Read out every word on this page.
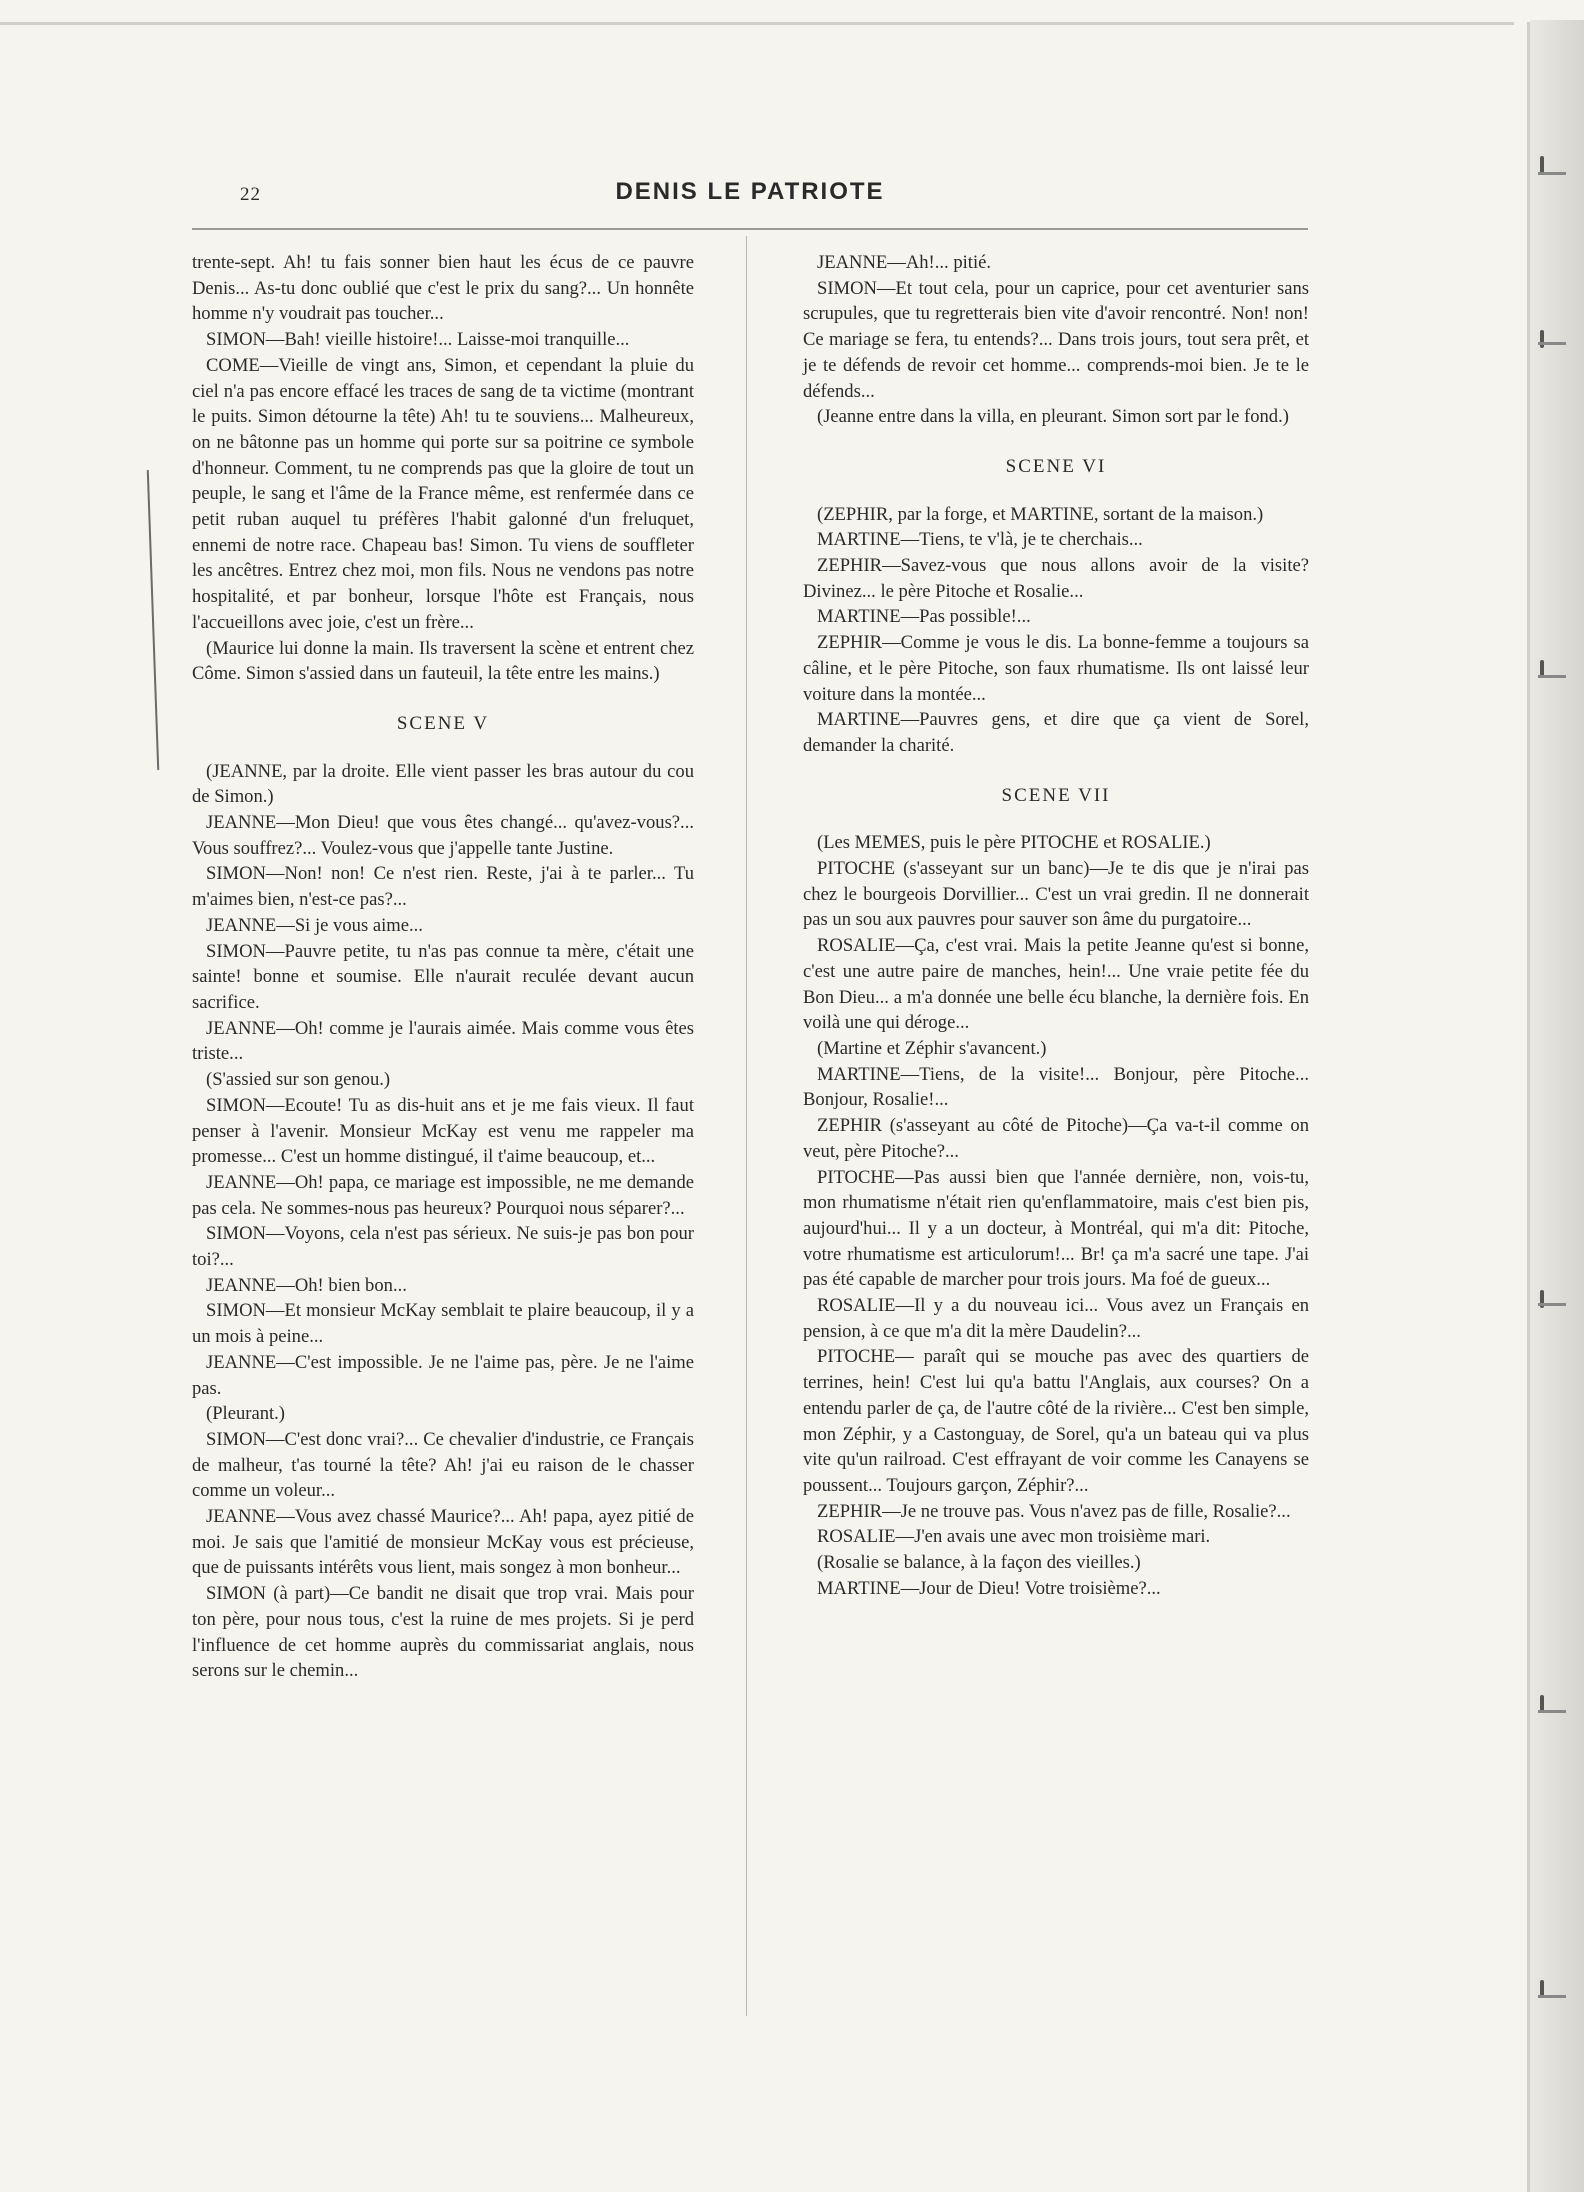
22	DENIS LE PATRIOTE

trente-sept. Ah! tu fais sonner bien haut les écus de ce pauvre Denis... As-tu donc oublié que c'est le prix du sang?... Un honnête homme n'y voudrait pas toucher...

SIMON—Bah! vieille histoire!... Laisse-moi tranquille...

COME—Vieille de vingt ans, Simon, et cependant la pluie du ciel n'a pas encore effacé les traces de sang de ta victime (montrant le puits. Simon détourne la tête) Ah! tu te souviens... Malheureux, on ne bâtonne pas un homme qui porte sur sa poitrine ce symbole d'honneur. Comment, tu ne comprends pas que la gloire de tout un peuple, le sang et l'âme de la France même, est renfermée dans ce petit ruban auquel tu préfères l'habit galonné d'un freluquet, ennemi de notre race. Chapeau bas! Simon. Tu viens de souffleter les ancêtres. Entrez chez moi, mon fils. Nous ne vendons pas notre hospitalité, et par bonheur, lorsque l'hôte est Français, nous l'accueillons avec joie, c'est un frère...

(Maurice lui donne la main. Ils traversent la scène et entrent chez Côme. Simon s'assied dans un fauteuil, la tête entre les mains.)

SCENE V

(JEANNE, par la droite. Elle vient passer les bras autour du cou de Simon.)

JEANNE—Mon Dieu! que vous êtes changé... qu'avez-vous?... Vous souffrez?... Voulez-vous que j'appelle tante Justine.

SIMON—Non! non! Ce n'est rien. Reste, j'ai à te parler... Tu m'aimes bien, n'est-ce pas?...

JEANNE—Si je vous aime...

SIMON—Pauvre petite, tu n'as pas connue ta mère, c'était une sainte! bonne et soumise. Elle n'aurait reculée devant aucun sacrifice.

JEANNE—Oh! comme je l'aurais aimée. Mais comme vous êtes triste...

(S'assied sur son genou.)

SIMON—Ecoute! Tu as dis-huit ans et je me fais vieux. Il faut penser à l'avenir. Monsieur McKay est venu me rappeler ma promesse... C'est un homme distingué, il t'aime beaucoup, et...

JEANNE—Oh! papa, ce mariage est impossible, ne me demande pas cela. Ne sommes-nous pas heureux? Pourquoi nous séparer?...

SIMON—Voyons, cela n'est pas sérieux. Ne suis-je pas bon pour toi?...

JEANNE—Oh! bien bon...

SIMON—Et monsieur McKay semblait te plaire beaucoup, il y a un mois à peine...

JEANNE—C'est impossible. Je ne l'aime pas, père. Je ne l'aime pas.

(Pleurant.)

SIMON—C'est donc vrai?... Ce chevalier d'industrie, ce Français de malheur, t'as tourné la tête? Ah! j'ai eu raison de le chasser comme un voleur...

JEANNE—Vous avez chassé Maurice?... Ah! papa, ayez pitié de moi. Je sais que l'amitié de monsieur McKay vous est précieuse, que de puissants intérêts vous lient, mais songez à mon bonheur...

SIMON (à part)—Ce bandit ne disait que trop vrai. Mais pour ton père, pour nous tous, c'est la ruine de mes projets. Si je perd l'influence de cet homme auprès du commissariat anglais, nous serons sur le chemin...

JEANNE—Ah!... pitié.

SIMON—Et tout cela, pour un caprice, pour cet aventurier sans scrupules, que tu regretterais bien vite d'avoir rencontré. Non! non! Ce mariage se fera, tu entends?... Dans trois jours, tout sera prêt, et je te défends de revoir cet homme... comprends-moi bien. Je te le défends...

(Jeanne entre dans la villa, en pleurant. Simon sort par le fond.)

SCENE VI

(ZEPHIR, par la forge, et MARTINE, sortant de la maison.)

MARTINE—Tiens, te v'là, je te cherchais...

ZEPHIR—Savez-vous que nous allons avoir de la visite? Divinez... le père Pitoche et Rosalie...

MARTINE—Pas possible!...

ZEPHIR—Comme je vous le dis. La bonne-femme a toujours sa câline, et le père Pitoche, son faux rhumatisme. Ils ont laissé leur voiture dans la montée...

MARTINE—Pauvres gens, et dire que ça vient de Sorel, demander la charité.

SCENE VII

(Les MEMES, puis le père PITOCHE et ROSALIE.)

PITOCHE (s'asseyant sur un banc)—Je te dis que je n'irai pas chez le bourgeois Dorvillier... C'est un vrai gredin. Il ne donnerait pas un sou aux pauvres pour sauver son âme du purgatoire...

ROSALIE—Ça, c'est vrai. Mais la petite Jeanne qu'est si bonne, c'est une autre paire de manches, hein!... Une vraie petite fée du Bon Dieu... a m'a donnée une belle écu blanche, la dernière fois. En voilà une qui déroge...

(Martine et Zéphir s'avancent.)

MARTINE—Tiens, de la visite!... Bonjour, père Pitoche... Bonjour, Rosalie!...

ZEPHIR (s'asseyant au côté de Pitoche)—Ça va-t-il comme on veut, père Pitoche?...

PITOCHE—Pas aussi bien que l'année dernière, non, vois-tu, mon rhumatisme n'était rien qu'enflammatoire, mais c'est bien pis, aujourd'hui... Il y a un docteur, à Montréal, qui m'a dit: Pitoche, votre rhumatisme est articulorum!... Br! ça m'a sacré une tape. J'ai pas été capable de marcher pour trois jours. Ma foé de gueux...

ROSALIE—Il y a du nouveau ici... Vous avez un Français en pension, à ce que m'a dit la mère Daudelin?...

PITOCHE— paraît qui se mouche pas avec des quartiers de terrines, hein! C'est lui qu'a battu l'Anglais, aux courses? On a entendu parler de ça, de l'autre côté de la rivière... C'est ben simple, mon Zéphir, y a Castonguay, de Sorel, qu'a un bateau qui va plus vite qu'un railroad. C'est effrayant de voir comme les Canayens se poussent... Toujours garçon, Zéphir?...

ZEPHIR—Je ne trouve pas. Vous n'avez pas de fille, Rosalie?...

ROSALIE—J'en avais une avec mon troisième mari.

(Rosalie se balance, à la façon des vieilles.)

MARTINE—Jour de Dieu! Votre troisième?...
